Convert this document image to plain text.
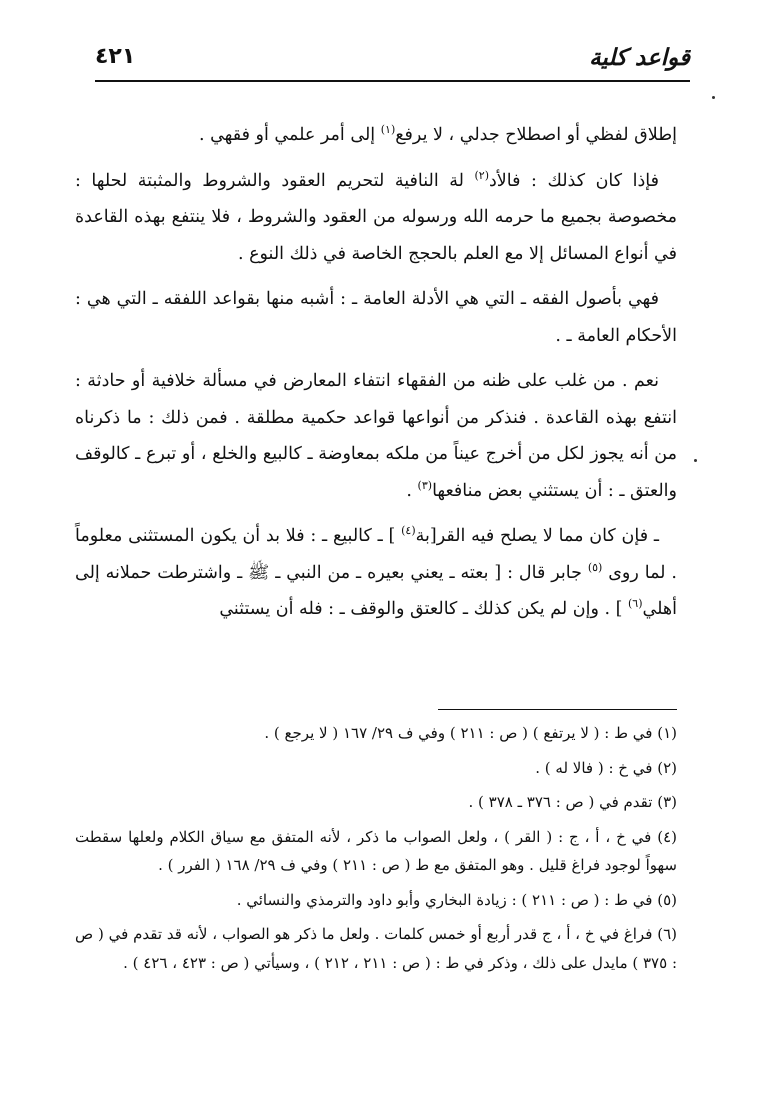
قواعد كلية
٤٢١

إطلاق لفظي أو اصطلاح جدلي ، لا يرفع$^{(١)}$ إلى أمر علمي أو فقهي .

فإذا كان كذلك : فالأد$^{(٢)}$ لة النافية لتحريم العقود والشروط والمثبتة لحلها : مخصوصة بجميع ما حرمه الله ورسوله من العقود والشروط ، فلا ينتفع بهذه القاعدة في أنواع المسائل إلا مع العلم بالحجج الخاصة في ذلك النوع .

فهي بأصول الفقه ـ التي هي الأدلة العامة ـ : أشبه منها بقواعد اللفقه ـ التي هي : الأحكام العامة ـ .

نعم . من غلب على ظنه من الفقهاء انتفاء المعارض في مسألة خلافية أو حادثة : انتفع بهذه القاعدة . فنذكر من أنواعها قواعد حكمية مطلقة . فمن ذلك : ما ذكرناه من أنه يجوز لكل من أخرج عيناً من ملكه بمعاوضة ـ كالبيع والخلع ، أو تبرع ـ كالوقف والعتق ـ : أن يستثني بعض منافعها$^{(٣)}$ .

ـ فإن كان مما لا يصلح فيه القر[بة$^{(٤)}$ ] ـ كالبيع ـ : فلا بد أن يكون المستثنى معلوماً . لما روى $^{(٥)}$ جابر قال : [ بعته ـ يعني بعيره ـ من النبي ـ ﷺ ـ واشترطت حملانه إلى أهلي$^{(٦)}$ ] . وإن لم يكن كذلك ـ كالعتق والوقف ـ : فله أن يستثني

(١) في ط : ( لا يرتفع ) ( ص : ٢١١ ) وفي ف ٢٩/ ١٦٧ ( لا يرجع ) .
(٢) في خ : ( فالا له ) .
(٣) تقدم في ( ص : ٣٧٦ ـ ٣٧٨ ) .
(٤) في خ ، أ ، ج : ( القر ) ، ولعل الصواب ما ذكر ، لأنه المتفق مع سياق الكلام ولعلها سقطت سهواً لوجود فراغ قليل . وهو المتفق مع ط ( ص : ٢١١ ) وفي ف ٢٩/ ١٦٨ ( الفرر ) .
(٥) في ط : ( ص : ٢١١ ) : زيادة البخاري وأبو داود والترمذي والنسائي .
(٦) فراغ في خ ، أ ، ج قدر أربع أو خمس كلمات . ولعل ما ذكر هو الصواب ، لأنه قد تقدم في ( ص : ٣٧٥ ) مايدل على ذلك ، وذكر في ط : ( ص : ٢١١ ، ٢١٢ ) ، وسيأتي ( ص : ٤٢٣ ، ٤٢٦ ) .
